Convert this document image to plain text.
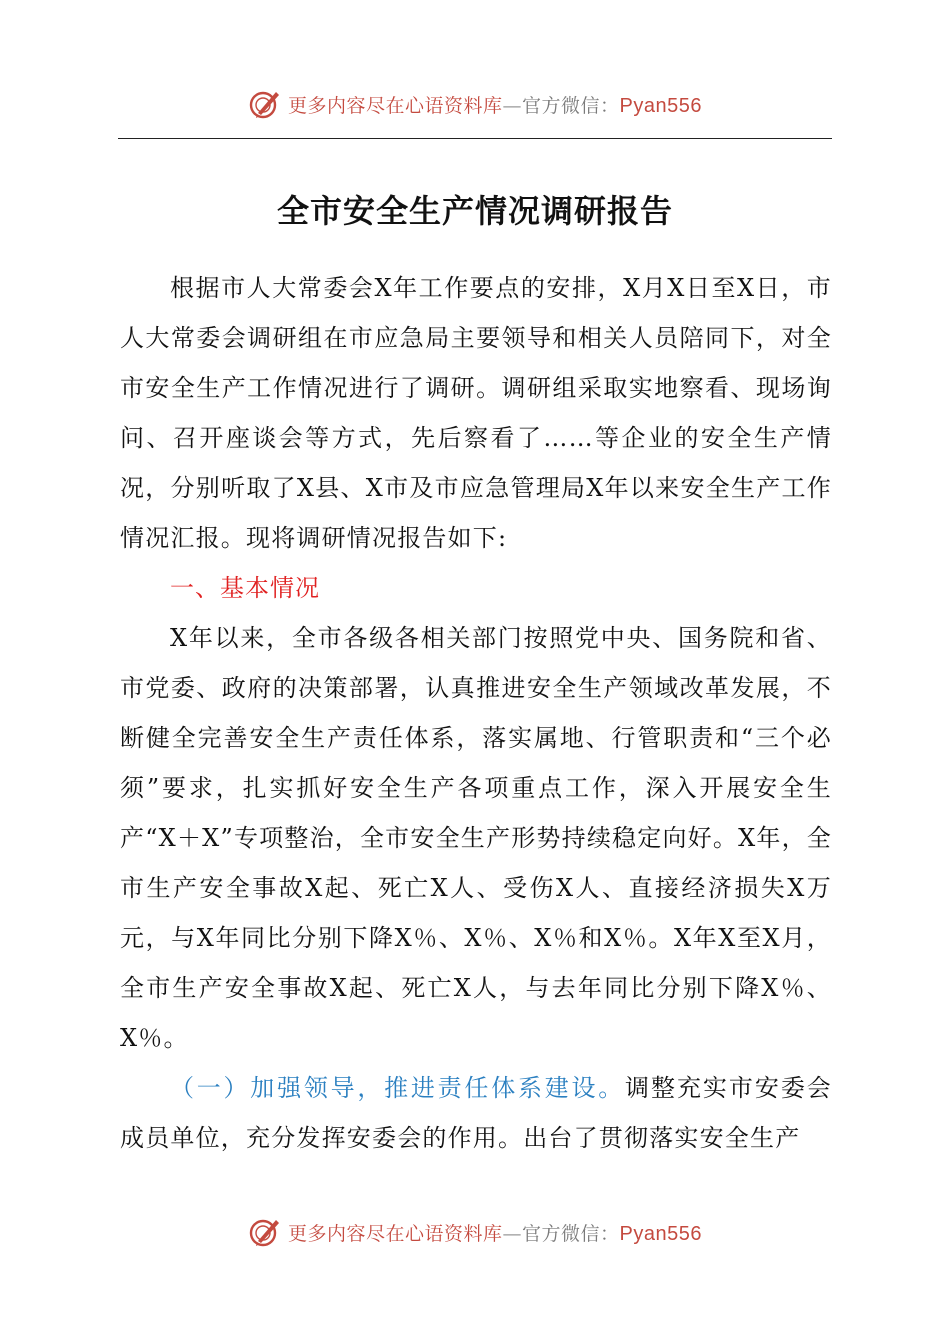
更多内容尽在心语资料库—官方微信：Pyan556
全市安全生产情况调研报告

根据市人大常委会X年工作要点的安排，X月X日至X日，市人大常委会调研组在市应急局主要领导和相关人员陪同下，对全市安全生产工作情况进行了调研。调研组采取实地察看、现场询问、召开座谈会等方式，先后察看了……等企业的安全生产情况，分别听取了X县、X市及市应急管理局X年以来安全生产工作情况汇报。现将调研情况报告如下:

一、基本情况

X年以来，全市各级各相关部门按照党中央、国务院和省、市党委、政府的决策部署，认真推进安全生产领域改革发展，不断健全完善安全生产责任体系，落实属地、行管职责和“三个必须”要求，扎实抓好安全生产各项重点工作，深入开展安全生产“X＋X”专项整治，全市安全生产形势持续稳定向好。X年，全市生产安全事故X起、死亡X人、受伤X人、直接经济损失X万元，与X年同比分别下降X％、X％、X％和X％。X年X至X月，全市生产安全事故X起、死亡X人，与去年同比分别下降X％、X％。

（一）加强领导，推进责任体系建设。调整充实市安委会成员单位，充分发挥安委会的作用。出台了贯彻落实安全生产

更多内容尽在心语资料库—官方微信：Pyan556
